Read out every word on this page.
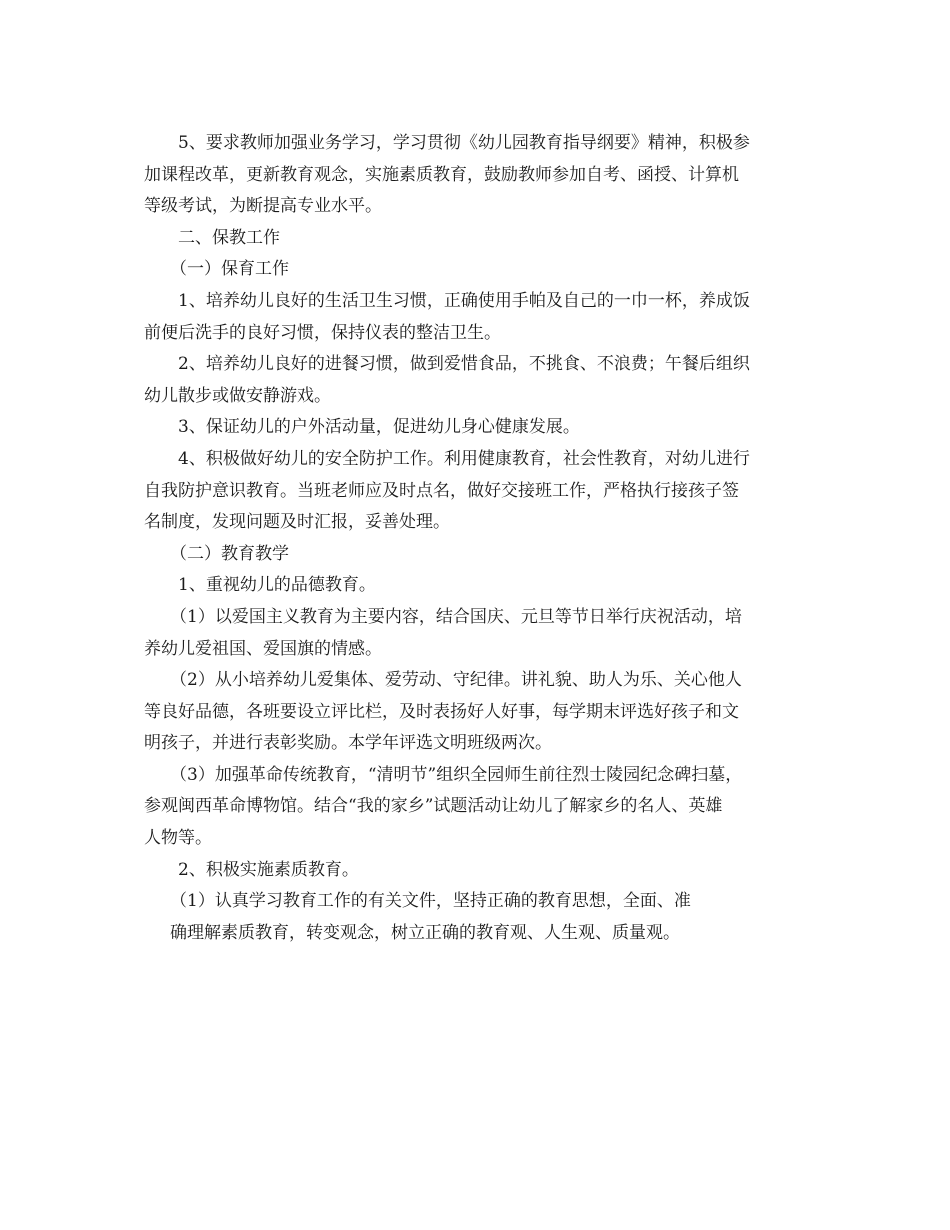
5、要求教师加强业务学习，学习贯彻《幼儿园教育指导纲要》精神，积极参
加课程改革，更新教育观念，实施素质教育，鼓励教师参加自考、函授、计算机
等级考试，为断提高专业水平。

二、保教工作

（一）保育工作

1、培养幼儿良好的生活卫生习惯，正确使用手帕及自己的一巾一杯，养成饭
前便后洗手的良好习惯，保持仪表的整洁卫生。

2、培养幼儿良好的进餐习惯，做到爱惜食品，不挑食、不浪费；午餐后组织
幼儿散步或做安静游戏。

3、保证幼儿的户外活动量，促进幼儿身心健康发展。

4、积极做好幼儿的安全防护工作。利用健康教育，社会性教育，对幼儿进行
自我防护意识教育。当班老师应及时点名，做好交接班工作，严格执行接孩子签
名制度，发现问题及时汇报，妥善处理。

（二）教育教学

1、重视幼儿的品德教育。

（1）以爱国主义教育为主要内容，结合国庆、元旦等节日举行庆祝活动，培
养幼儿爱祖国、爱国旗的情感。

（2）从小培养幼儿爱集体、爱劳动、守纪律。讲礼貌、助人为乐、关心他人
等良好品德，各班要设立评比栏，及时表扬好人好事，每学期末评选好孩子和文
明孩子，并进行表彰奖励。本学年评选文明班级两次。

（3）加强革命传统教育，“清明节”组织全园师生前往烈士陵园纪念碑扫墓，
参观闽西革命博物馆。结合“我的家乡”试题活动让幼儿了解家乡的名人、英雄
人物等。

2、积极实施素质教育。

（1）认真学习教育工作的有关文件，坚持正确的教育思想，全面、准
确理解素质教育，转变观念，树立正确的教育观、人生观、质量观。
